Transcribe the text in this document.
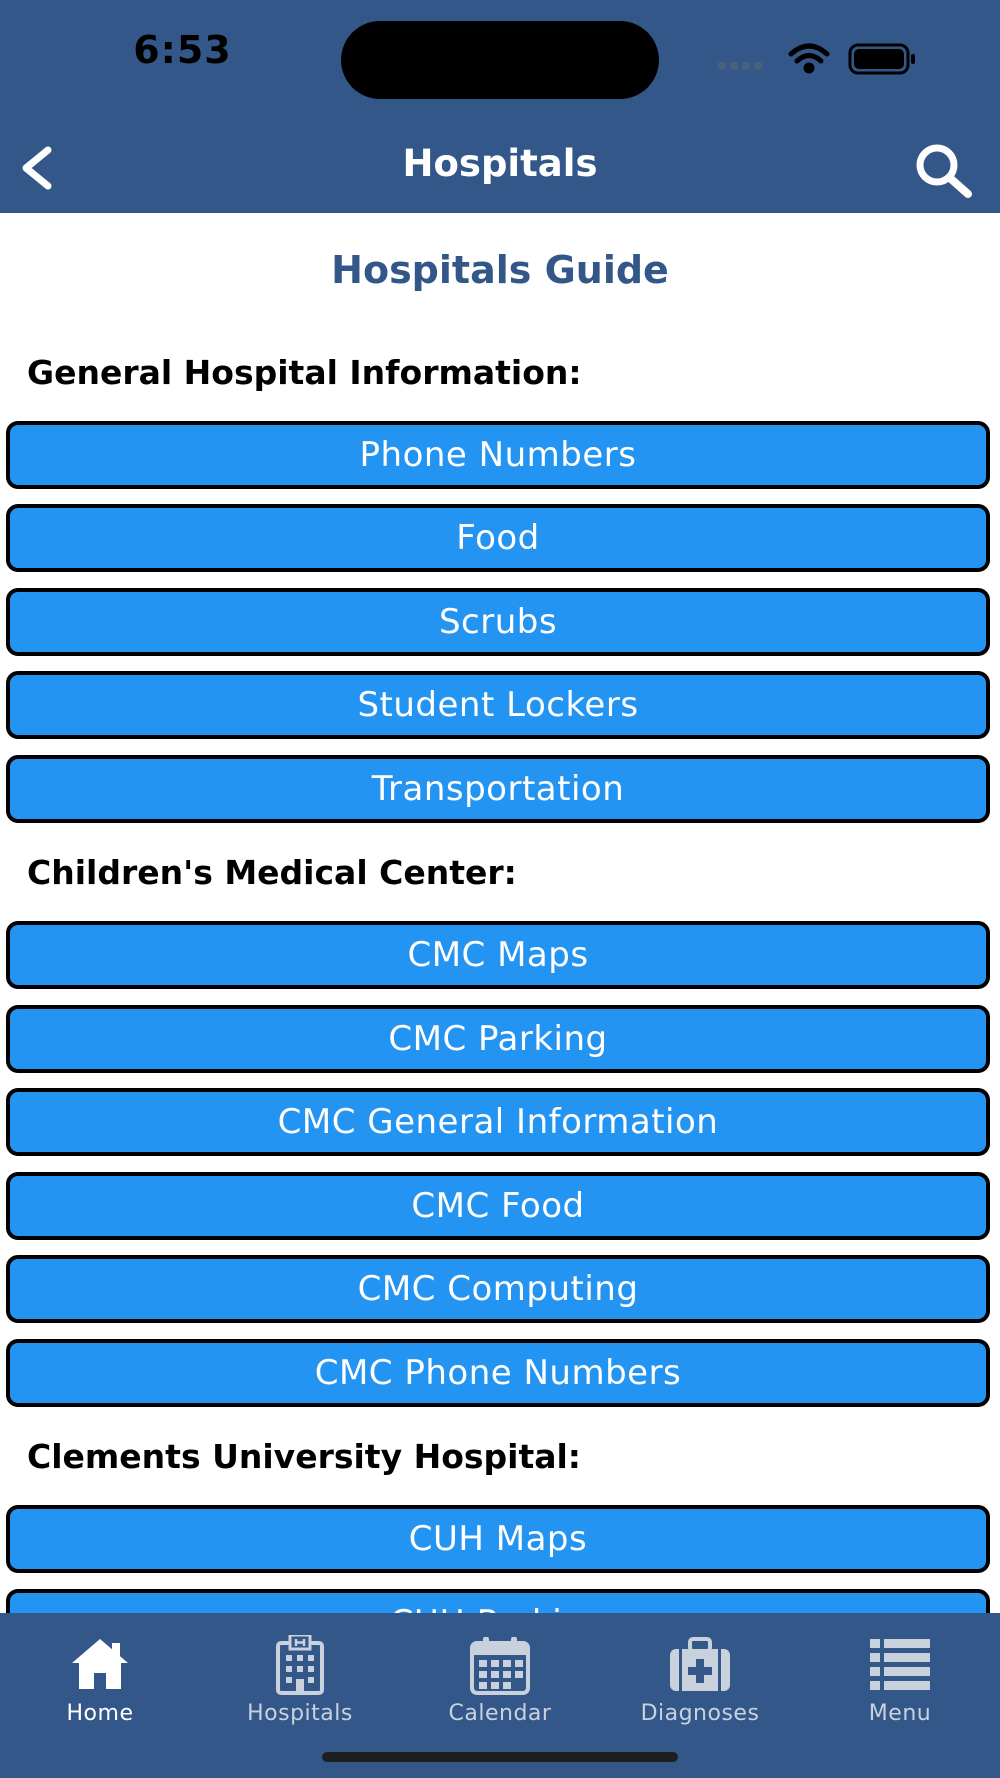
6:53
Hospitals
Hospitals Guide
General Hospital Information:
Phone Numbers
Food
Scrubs
Student Lockers
Transportation
Children's Medical Center:
CMC Maps
CMC Parking
CMC General Information
CMC Food
CMC Computing
CMC Phone Numbers
Clements University Hospital:
CUH Maps
Home	Hospitals	Calendar	Diagnoses	Menu
